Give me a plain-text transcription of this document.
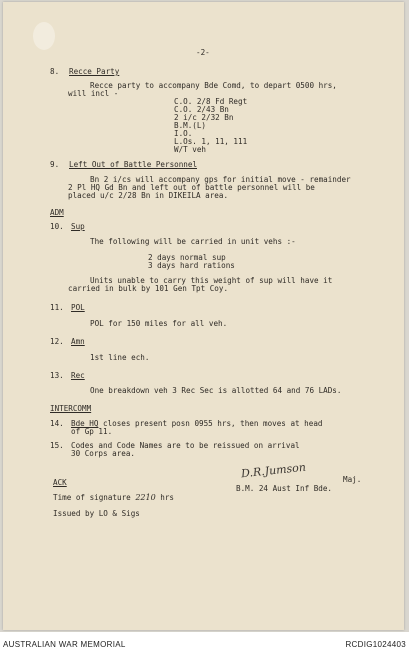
-2-
8. Recce Party
Recce party to accompany Bde Comd, to depart 0500 hrs,
will incl -
C.O. 2/8 Fd Regt
C.O. 2/43 Bn
2 i/c 2/32 Bn
B.M.(L)
I.O.
L.Os. 1, 11, 111
W/T veh
9. Left Out of Battle Personnel
Bn 2 i/cs will accompany gps for initial move - remainder
2 Pl HQ Gd Bn and left out of battle personnel will be
placed u/c 2/28 Bn in DIKEILA area.
ADM
10. Sup
The following will be carried in unit vehs :-
2 days normal sup
3 days hard rations
Units unable to carry this weight of sup will have it
carried in bulk by 101 Gen Tpt Coy.
11. POL
POL for 150 miles for all veh.
12. Amn
1st line ech.
13. Rec
One breakdown veh 3 Rec Sec is allotted 64 and 76 LADs.
INTERCOMM
14. Bde HQ closes present posn 0955 hrs, then moves at head
of Gp 11.
15. Codes and Code Names are to be reissued on arrival
30 Corps area.
D.R.Jumson	Maj.
B.M. 24 Aust Inf Bde.
ACK
Time of signature 2210 hrs
Issued by LO & Sigs
AUSTRALIAN WAR MEMORIAL	RCDIG1024403
